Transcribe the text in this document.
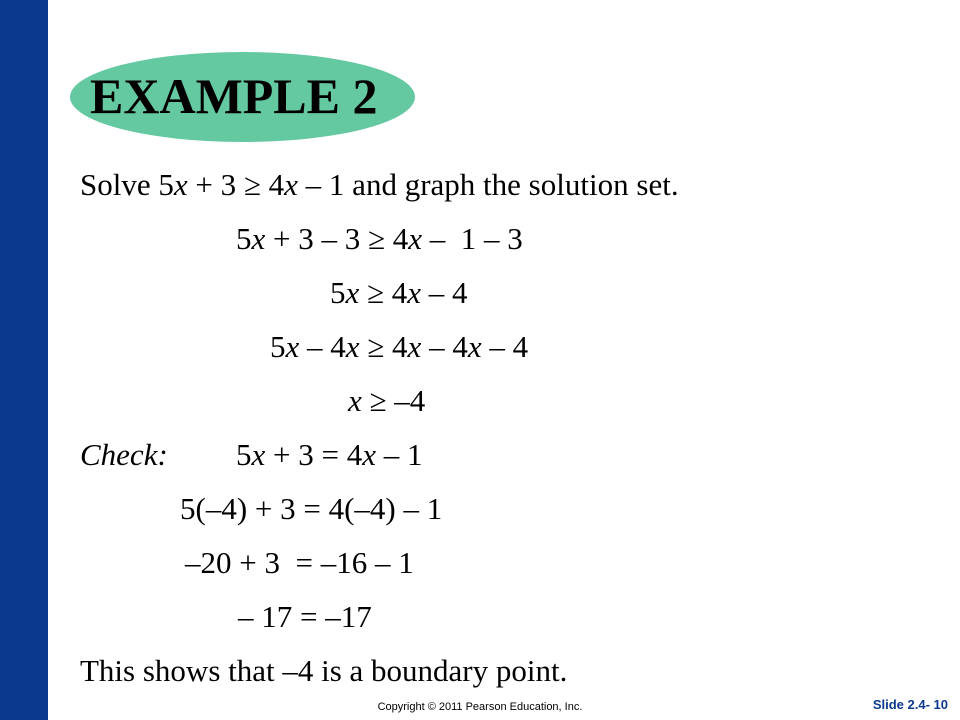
EXAMPLE 2
Solve 5x + 3 ≥ 4x – 1 and graph the solution set.
5x + 3 – 3 ≥ 4x – 1 – 3
5x ≥ 4x – 4
5x – 4x ≥ 4x – 4x – 4
x ≥ –4
Check: 5x + 3 = 4x – 1
5(–4) + 3 = 4(–4) – 1
–20 + 3  = –16 – 1
– 17 = –17
This shows that –4 is a boundary point.
Copyright © 2011 Pearson Education, Inc.	Slide 2.4- 10
